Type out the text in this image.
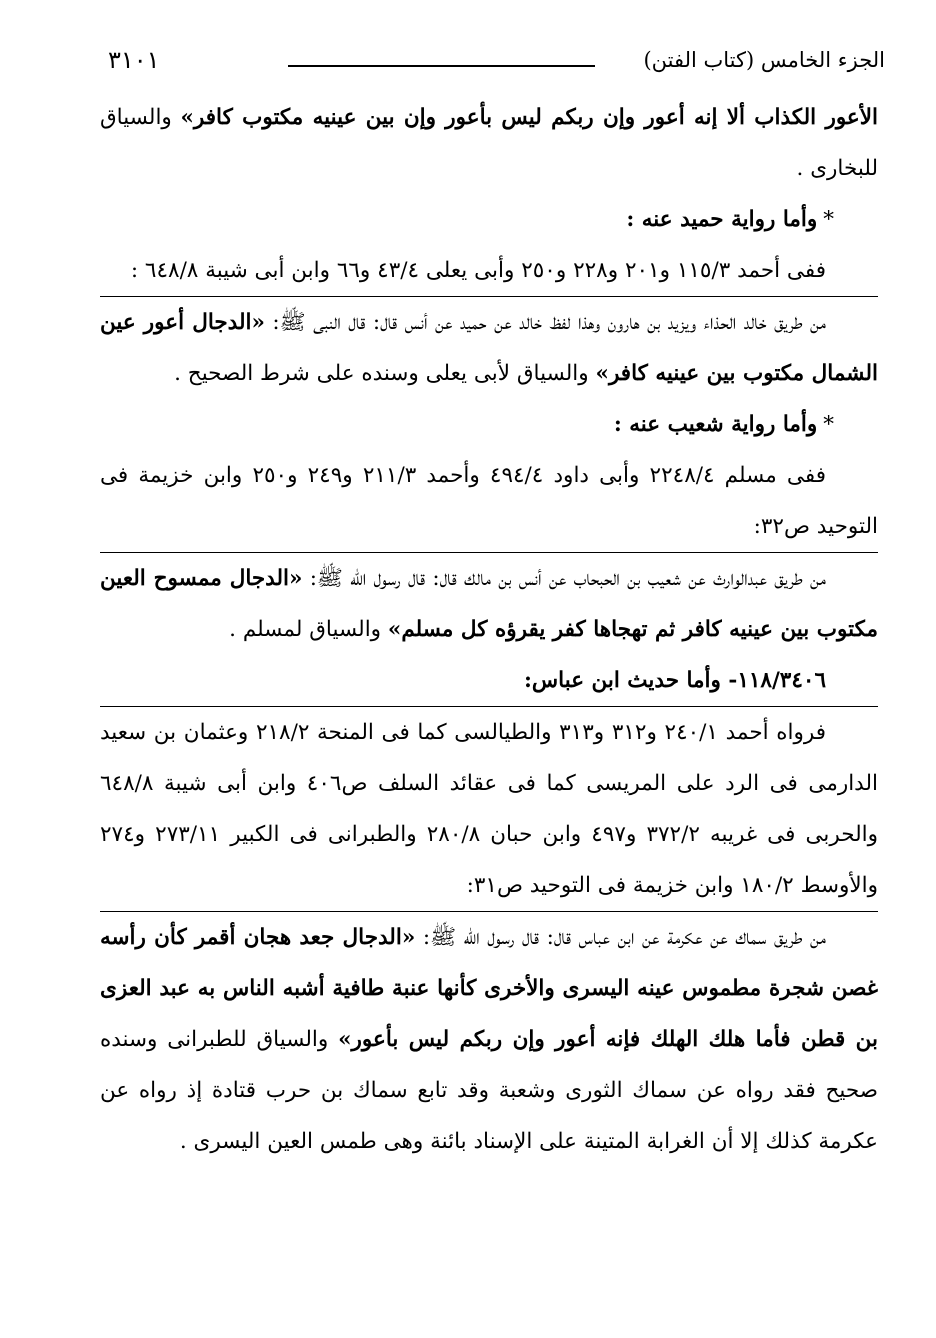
الجزء الخامس (كتاب الفتن)
٣١٠١

الأعور الكذاب ألا إنه أعور وإن ربكم ليس بأعور وإن بين عينيه مكتوب كافر» والسياق للبخارى .

*وأما رواية حميد عنه :

ففى أحمد ١١٥/٣ و٢٠١ و٢٢٨ و٢٥٠ وأبى يعلى ٤٣/٤ و٦٦ وابن أبى شيبة ٦٤٨/٨ :

من طريق خالد الحذاء ويزيد بن هارون وهذا لفظ خالد عن حميد عن أنس قال: قال النبى ﷺ: «الدجال أعور عين الشمال مكتوب بين عينيه كافر» والسياق لأبى يعلى وسنده على شرط الصحيح .

*وأما رواية شعيب عنه :

ففى مسلم ٢٢٤٨/٤ وأبى داود ٤٩٤/٤ وأحمد ٢١١/٣ و٢٤٩ و٢٥٠ وابن خزيمة فى التوحيد ص٣٢:

من طريق عبدالوارث عن شعيب بن الحبحاب عن أنس بن مالك قال: قال رسول الله ﷺ: «الدجال ممسوح العين مكتوب بين عينيه كافر ثم تهجاها كفر يقرؤه كل مسلم» والسياق لمسلم .

١١٨/٣٤٠٦- وأما حديث ابن عباس:

فرواه أحمد ٢٤٠/١ و٣١٢ و٣١٣ والطيالسى كما فى المنحة ٢١٨/٢ وعثمان بن سعيد الدارمى فى الرد على المريسى كما فى عقائد السلف ص٤٠٦ وابن أبى شيبة ٦٤٨/٨ والحربى فى غريبه ٣٧٢/٢ و٤٩٧ وابن حبان ٢٨٠/٨ والطبرانى فى الكبير ٢٧٣/١١ و٢٧٤ والأوسط ١٨٠/٢ وابن خزيمة فى التوحيد ص٣١:

من طريق سماك عن عكرمة عن ابن عباس قال: قال رسول الله ﷺ: «الدجال جعد هجان أقمر كأن رأسه غصن شجرة مطموس عينه اليسرى والأخرى كأنها عنبة طافية أشبه الناس به عبد العزى بن قطن فأما هلك الهلك فإنه أعور وإن ربكم ليس بأعور» والسياق للطبرانى وسنده صحيح فقد رواه عن سماك الثورى وشعبة وقد تابع سماك بن حرب قتادة إذ رواه عن عكرمة كذلك إلا أن الغرابة المتينة على الإسناد بائنة وهى طمس العين اليسرى .
